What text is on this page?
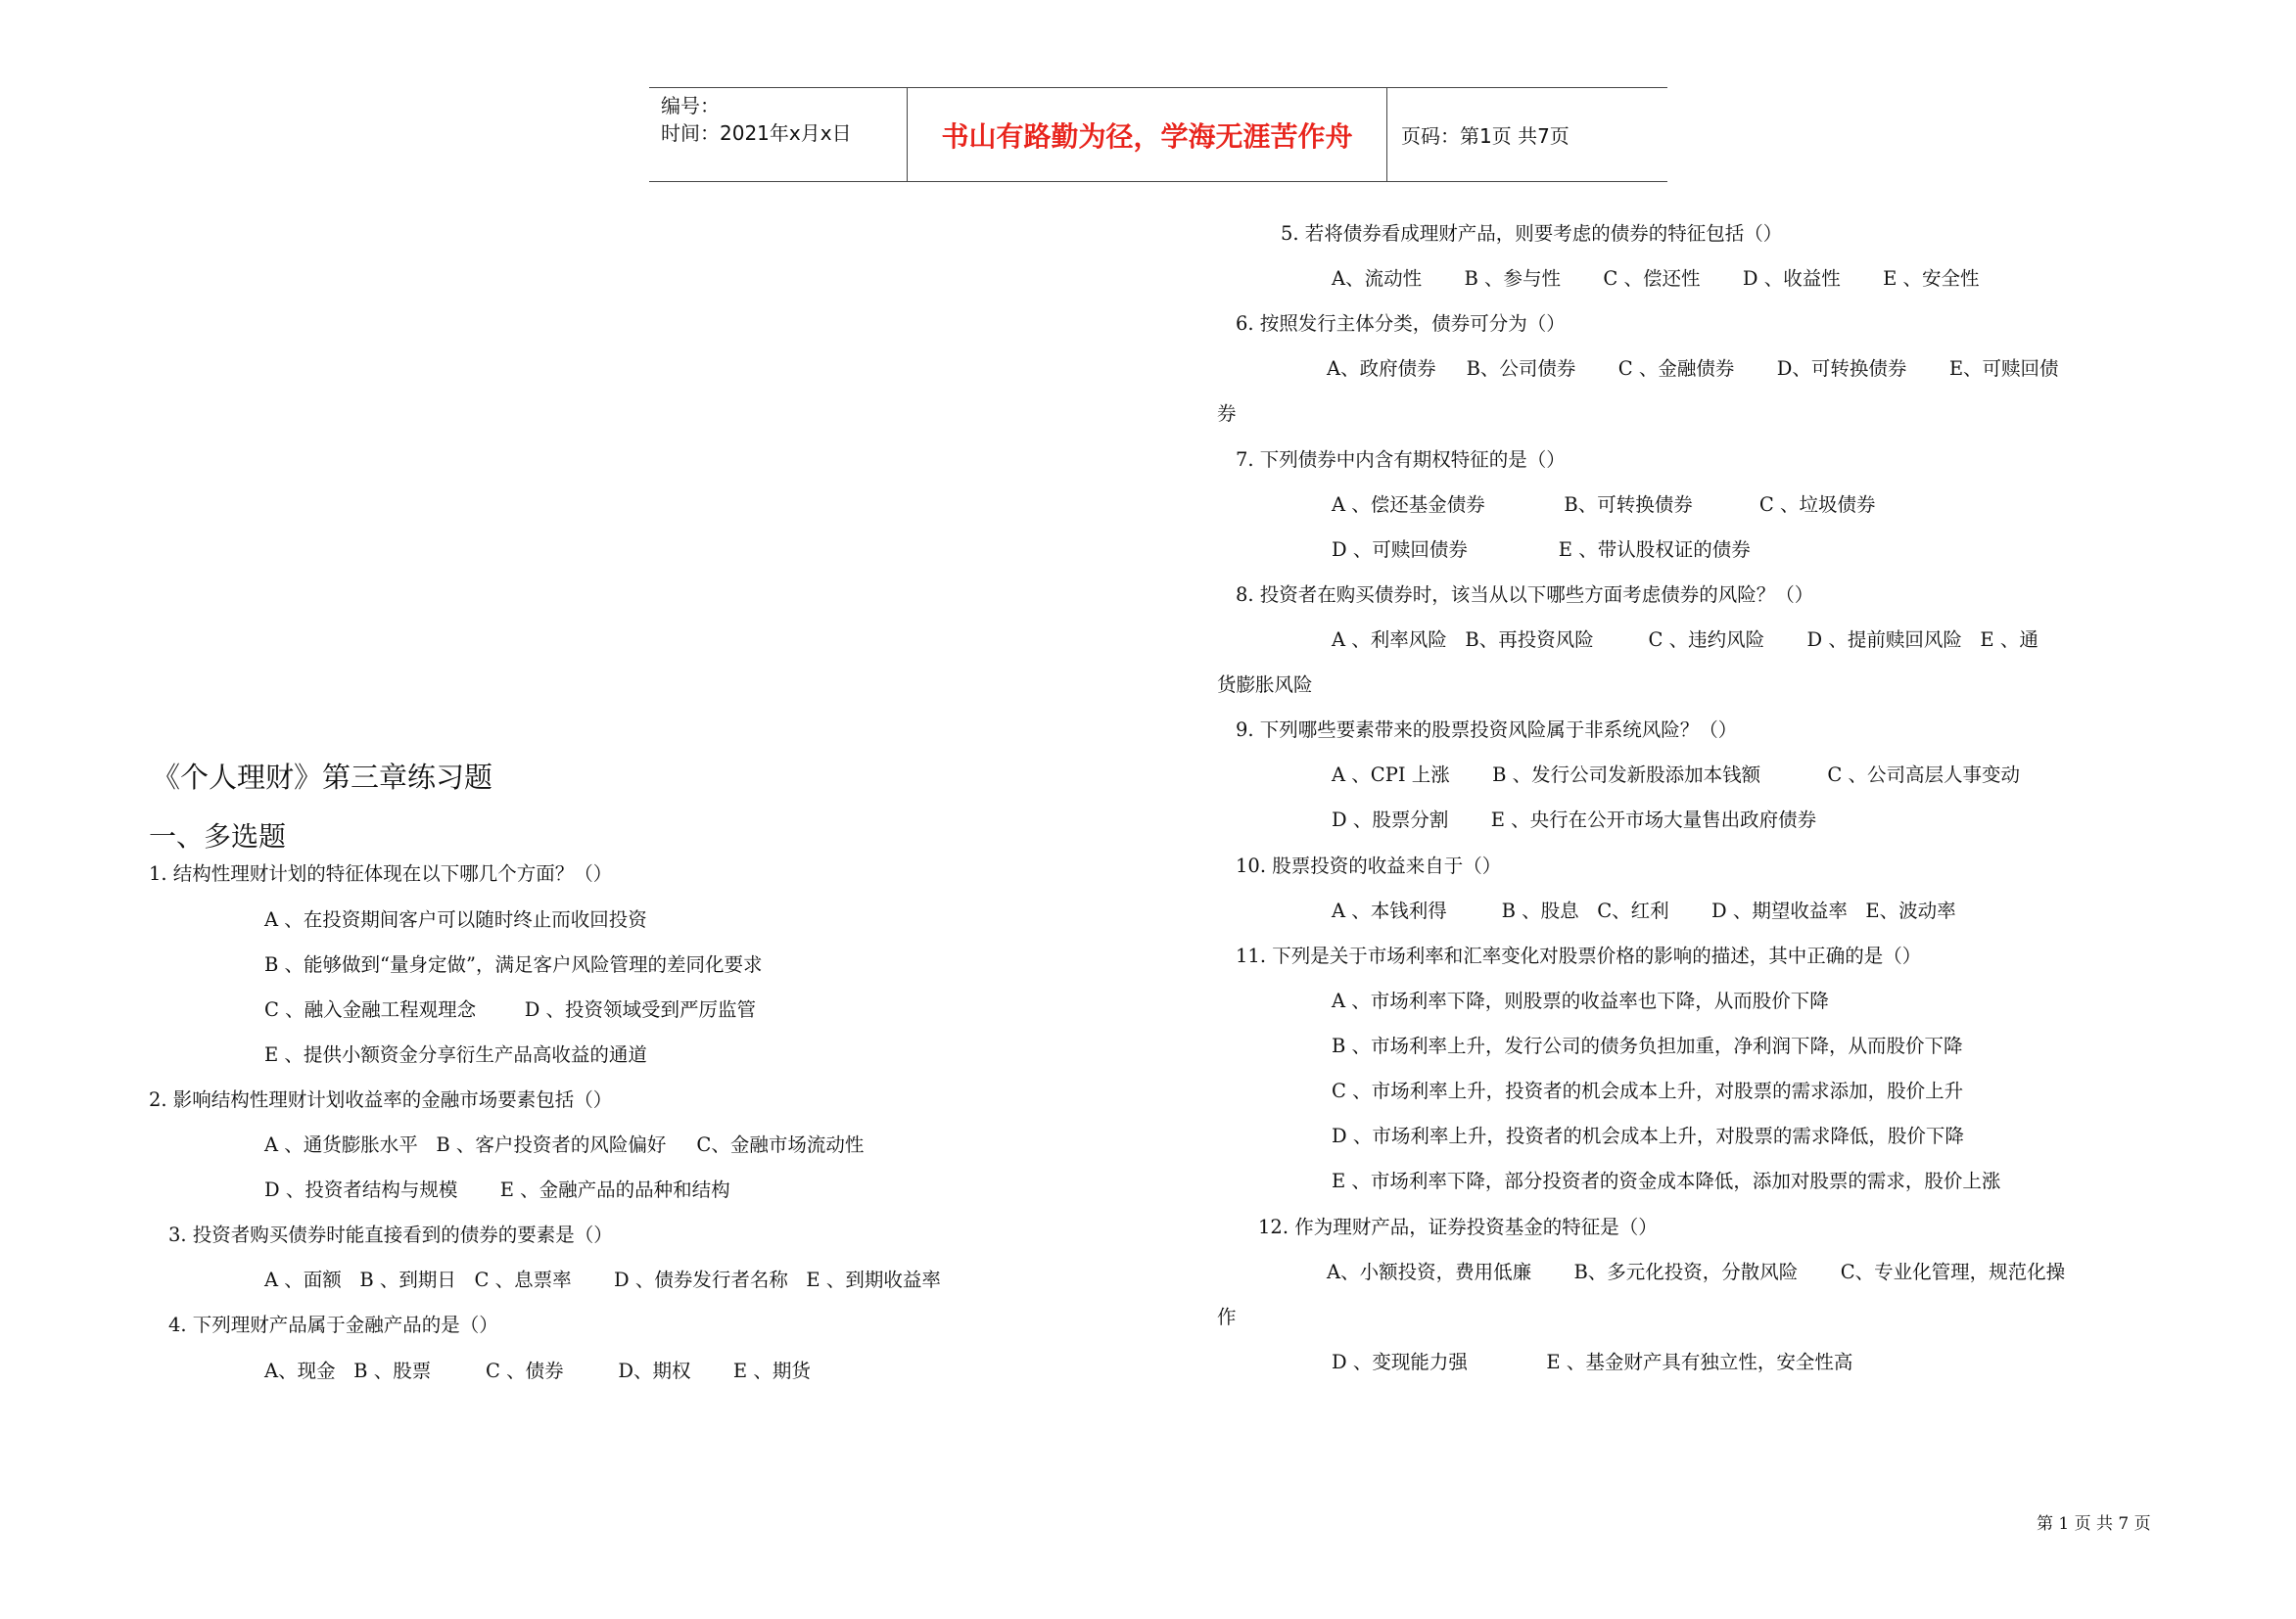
编号：
时间：2021年x月x日	书山有路勤为径，学海无涯苦作舟	页码：第1页 共7页
《个人理财》第三章练习题
一、多选题
1. 结构性理财计划的特征体现在以下哪几个方面？（）
A 、在投资期间客户可以随时终止而收回投资
B 、能够做到“量身定做”，满足客户风险管理的差同化要求
C 、融入金融工程观理念        D 、投资领域受到严厉监管
E 、提供小额资金分享衍生产品高收益的通道
2. 影响结构性理财计划收益率的金融市场要素包括（）
A 、通货膨胀水平   B 、客户投资者的风险偏好     C、金融市场流动性
D 、投资者结构与规模       E 、金融产品的品种和结构
3. 投资者购买债券时能直接看到的债券的要素是（）
A 、面额   B 、到期日   C 、息票率       D 、债券发行者名称   E 、到期收益率
4. 下列理财产品属于金融产品的是（）
A、现金   B 、股票         C 、债券         D、期权       E 、期货
5. 若将债券看成理财产品，则要考虑的债券的特征包括（）
A、流动性       B 、参与性       C 、偿还性       D 、收益性       E 、安全性
6. 按照发行主体分类，债券可分为（）
A、政府债券     B、公司债券       C 、金融债券       D、可转换债券       E、可赎回债
券
7. 下列债券中内含有期权特征的是（）
A 、偿还基金债券             B、可转换债券           C 、垃圾债券
D 、可赎回债券               E 、带认股权证的债券
8. 投资者在购买债券时，该当从以下哪些方面考虑债券的风险？（）
A 、利率风险   B、再投资风险         C 、违约风险       D 、提前赎回风险   E 、通
货膨胀风险
9. 下列哪些要素带来的股票投资风险属于非系统风险？（）
A 、CPI 上涨       B 、发行公司发新股添加本钱额           C 、公司高层人事变动
D 、股票分割       E 、央行在公开市场大量售出政府债券
10. 股票投资的收益来自于（）
A 、本钱利得         B 、股息   C、红利       D 、期望收益率   E、波动率
11. 下列是关于市场利率和汇率变化对股票价格的影响的描述，其中正确的是（）
A 、市场利率下降，则股票的收益率也下降，从而股价下降
B 、市场利率上升，发行公司的债务负担加重，净利润下降，从而股价下降
C 、市场利率上升，投资者的机会成本上升，对股票的需求添加，股价上升
D 、市场利率上升，投资者的机会成本上升，对股票的需求降低，股价下降
E 、市场利率下降，部分投资者的资金成本降低，添加对股票的需求，股价上涨
12. 作为理财产品，证券投资基金的特征是（）
A、小额投资，费用低廉       B、多元化投资，分散风险       C、专业化管理，规范化操
作
D 、变现能力强             E 、基金财产具有独立性，安全性高
第 1 页 共 7 页
